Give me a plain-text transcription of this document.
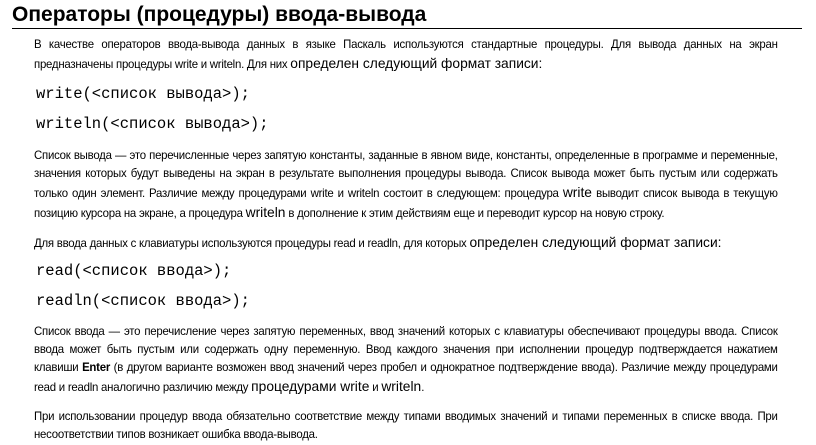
Операторы (процедуры) ввода-вывода
В качестве операторов ввода-вывода данных в языке Паскаль используются стандартные процедуры. Для вывода данных на экран предназначены процедуры write и writeln. Для них определен следующий формат записи:
write(<список вывода>);
writeln(<список вывода>);
Список вывода — это перечисленные через запятую константы, заданные в явном виде, константы, определенные в программе и переменные, значения которых будут выведены на экран в результате выполнения процедуры вывода. Список вывода может быть пустым или содержать только один элемент. Различие между процедурами write и writeln состоит в следующем: процедура write выводит список вывода в текущую позицию курсора на экране, а процедура writeln в дополнение к этим действиям еще и переводит курсор на новую строку.
Для ввода данных с клавиатуры используются процедуры read и readln, для которых определен следующий формат записи:
read(<список ввода>);
readln(<список ввода>);
Список ввода — это перечисление через запятую переменных, ввод значений которых с клавиатуры обеспечивают процедуры ввода. Список ввода может быть пустым или содержать одну переменную. Ввод каждого значения при исполнении процедур подтверждается нажатием клавиши Enter (в другом варианте возможен ввод значений через пробел и однократное подтверждение ввода). Различие между процедурами read и readln аналогично различию между процедурами write и writeln.
При использовании процедур ввода обязательно соответствие между типами вводимых значений и типами переменных в списке ввода. При несоответствии типов возникает ошибка ввода-вывода.
